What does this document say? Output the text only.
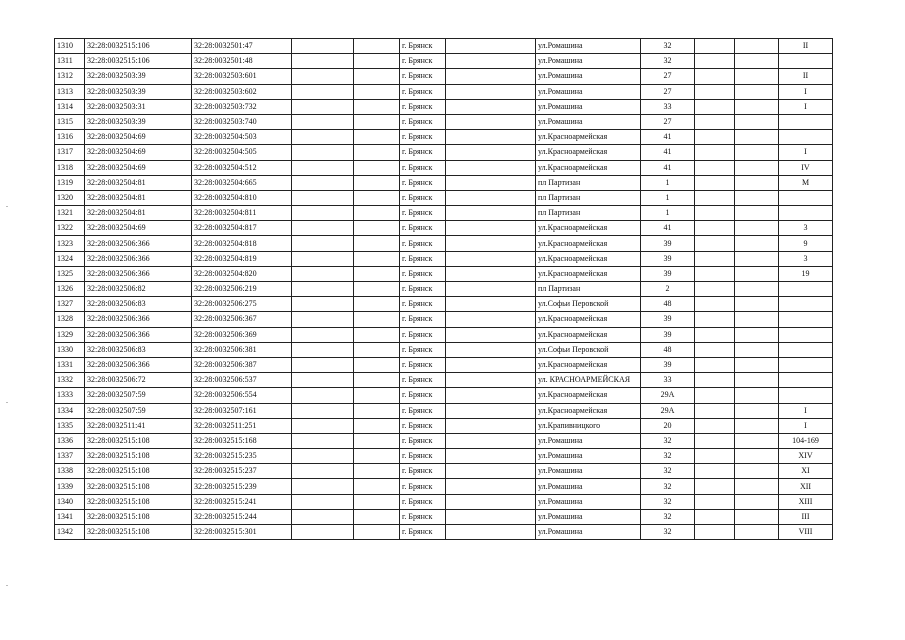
1310	32:28:0032515:106	32:28:0032501:47			г. Брянск		ул.Ромашина	32			II
1311	32:28:0032515:106	32:28:0032501:48			г. Брянск		ул.Ромашина	32			
1312	32:28:0032503:39	32:28:0032503:601			г. Брянск		ул.Ромашина	27			II
1313	32:28:0032503:39	32:28:0032503:602			г. Брянск		ул.Ромашина	27			I
1314	32:28:0032503:31	32:28:0032503:732			г. Брянск		ул.Ромашина	33			I
1315	32:28:0032503:39	32:28:0032503:740			г. Брянск		ул.Ромашина	27			
1316	32:28:0032504:69	32:28:0032504:503			г. Брянск		ул.Красноармейская	41			
1317	32:28:0032504:69	32:28:0032504:505			г. Брянск		ул.Красноармейская	41			I
1318	32:28:0032504:69	32:28:0032504:512			г. Брянск		ул.Красноармейская	41			IV
1319	32:28:0032504:81	32:28:0032504:665			г. Брянск		пл Партизан	1			М
1320	32:28:0032504:81	32:28:0032504:810			г. Брянск		пл Партизан	1			
1321	32:28:0032504:81	32:28:0032504:811			г. Брянск		пл Партизан	1			
1322	32:28:0032504:69	32:28:0032504:817			г. Брянск		ул.Красноармейская	41			3
1323	32:28:0032506:366	32:28:0032504:818			г. Брянск		ул.Красноармейская	39			9
1324	32:28:0032506:366	32:28:0032504:819			г. Брянск		ул.Красноармейская	39			3
1325	32:28:0032506:366	32:28:0032504:820			г. Брянск		ул.Красноармейская	39			19
1326	32:28:0032506:82	32:28:0032506:219			г. Брянск		пл Партизан	2			
1327	32:28:0032506:83	32:28:0032506:275			г. Брянск		ул.Софьи Перовской	48			
1328	32:28:0032506:366	32:28:0032506:367			г. Брянск		ул.Красноармейская	39			
1329	32:28:0032506:366	32:28:0032506:369			г. Брянск		ул.Красноармейская	39			
1330	32:28:0032506:83	32:28:0032506:381			г. Брянск		ул.Софьи Перовской	48			
1331	32:28:0032506:366	32:28:0032506:387			г. Брянск		ул.Красноармейская	39			
1332	32:28:0032506:72	32:28:0032506:537			г. Брянск		ул. КРАСНОАРМЕЙСКАЯ	33			
1333	32:28:0032507:59	32:28:0032506:554			г. Брянск		ул.Красноармейская	29А			
1334	32:28:0032507:59	32:28:0032507:161			г. Брянск		ул.Красноармейская	29А			I
1335	32:28:0032511:41	32:28:0032511:251			г. Брянск		ул.Крапивницкого	20			I
1336	32:28:0032515:108	32:28:0032515:168			г. Брянск		ул.Ромашина	32			104-169
1337	32:28:0032515:108	32:28:0032515:235			г. Брянск		ул.Ромашина	32			XIV
1338	32:28:0032515:108	32:28:0032515:237			г. Брянск		ул.Ромашина	32			XI
1339	32:28:0032515:108	32:28:0032515:239			г. Брянск		ул.Ромашина	32			XII
1340	32:28:0032515:108	32:28:0032515:241			г. Брянск		ул.Ромашина	32			XIII
1341	32:28:0032515:108	32:28:0032515:244			г. Брянск		ул.Ромашина	32			III
1342	32:28:0032515:108	32:28:0032515:301			г. Брянск		ул.Ромашина	32			VIII
